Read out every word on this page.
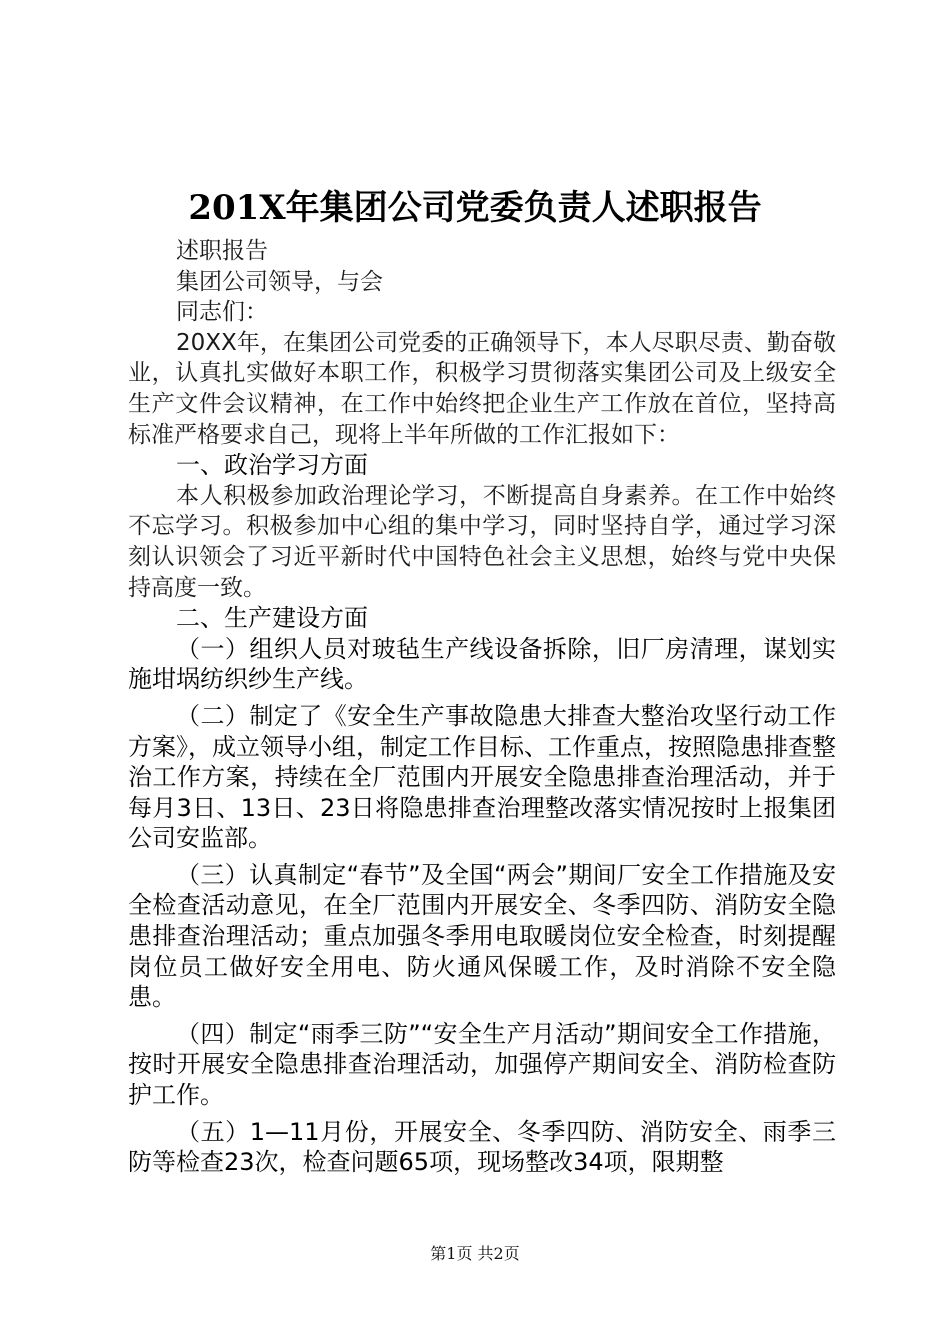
201X年集团公司党委负责人述职报告

述职报告

集团公司领导，与会

同志们：

20XX年，在集团公司党委的正确领导下，本人尽职尽责、勤奋敬业，认真扎实做好本职工作，积极学习贯彻落实集团公司及上级安全生产文件会议精神，在工作中始终把企业生产工作放在首位，坚持高标准严格要求自己，现将上半年所做的工作汇报如下：

一、政治学习方面

本人积极参加政治理论学习，不断提高自身素养。在工作中始终不忘学习。积极参加中心组的集中学习，同时坚持自学，通过学习深刻认识领会了习近平新时代中国特色社会主义思想，始终与党中央保持高度一致。

二、生产建设方面

（一）组织人员对玻毡生产线设备拆除，旧厂房清理，谋划实施坩埚纺织纱生产线。

（二）制定了《安全生产事故隐患大排查大整治攻坚行动工作方案》，成立领导小组，制定工作目标、工作重点，按照隐患排查整治工作方案，持续在全厂范围内开展安全隐患排查治理活动，并于每月3日、13日、23日将隐患排查治理整改落实情况按时上报集团公司安监部。

（三）认真制定“春节”及全国“两会”期间厂安全工作措施及安全检查活动意见，在全厂范围内开展安全、冬季四防、消防安全隐患排查治理活动；重点加强冬季用电取暖岗位安全检查，时刻提醒岗位员工做好安全用电、防火通风保暖工作，及时消除不安全隐患。

（四）制定“雨季三防”“安全生产月活动”期间安全工作措施，按时开展安全隐患排查治理活动，加强停产期间安全、消防检查防护工作。

（五）1—11月份，开展安全、冬季四防、消防安全、雨季三防等检查23次，检查问题65项，现场整改34项，限期整

第1页 共2页
